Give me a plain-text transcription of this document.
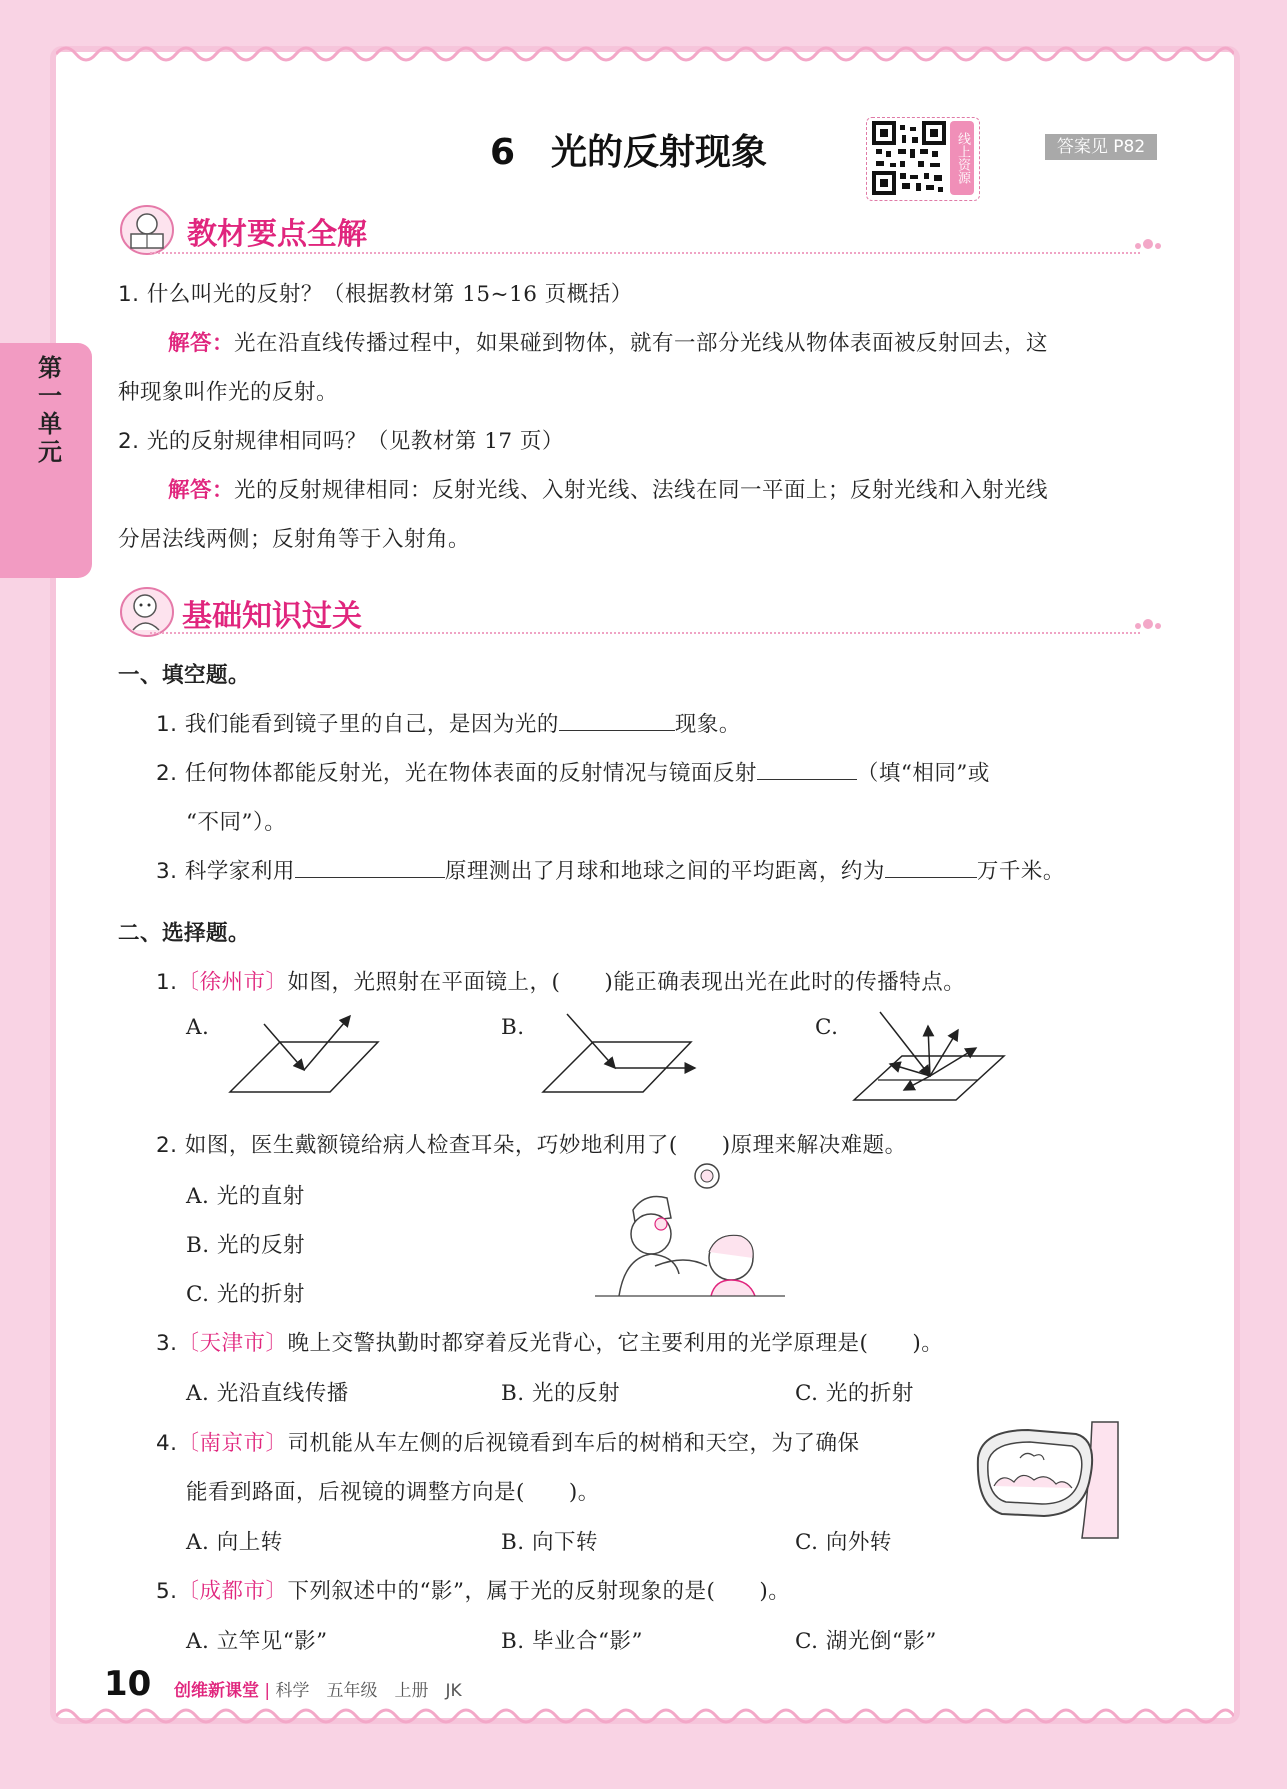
第一单元
6　光的反射现象	线上资源	答案见 P82
教材要点全解
1. 什么叫光的反射？（根据教材第 15~16 页概括）
解答：光在沿直线传播过程中，如果碰到物体，就有一部分光线从物体表面被反射回去，这
种现象叫作光的反射。
2. 光的反射规律相同吗？（见教材第 17 页）
解答：光的反射规律相同：反射光线、入射光线、法线在同一平面上；反射光线和入射光线
分居法线两侧；反射角等于入射角。
基础知识过关
一、填空题。
1. 我们能看到镜子里的自己，是因为光的	现象。
2. 任何物体都能反射光，光在物体表面的反射情况与镜面反射	（填“相同”或
“不同”）。
3. 科学家利用	原理测出了月球和地球之间的平均距离，约为	万千米。
二、选择题。
1.〔徐州市〕如图，光照射在平面镜上，(　　)能正确表现出光在此时的传播特点。
A.	B.	C.
2. 如图，医生戴额镜给病人检查耳朵，巧妙地利用了(　　)原理来解决难题。
A. 光的直射
B. 光的反射
C. 光的折射
3.〔天津市〕晚上交警执勤时都穿着反光背心，它主要利用的光学原理是(　　)。
A. 光沿直线传播	B. 光的反射	C. 光的折射
4.〔南京市〕司机能从车左侧的后视镜看到车后的树梢和天空，为了确保
能看到路面，后视镜的调整方向是(　　)。
A. 向上转	B. 向下转	C. 向外转
5.〔成都市〕下列叙述中的“影”，属于光的反射现象的是(　　)。
A. 立竿见“影”	B. 毕业合“影”	C. 湖光倒“影”
10 创维新课堂 | 科学　五年级　上册　JK
